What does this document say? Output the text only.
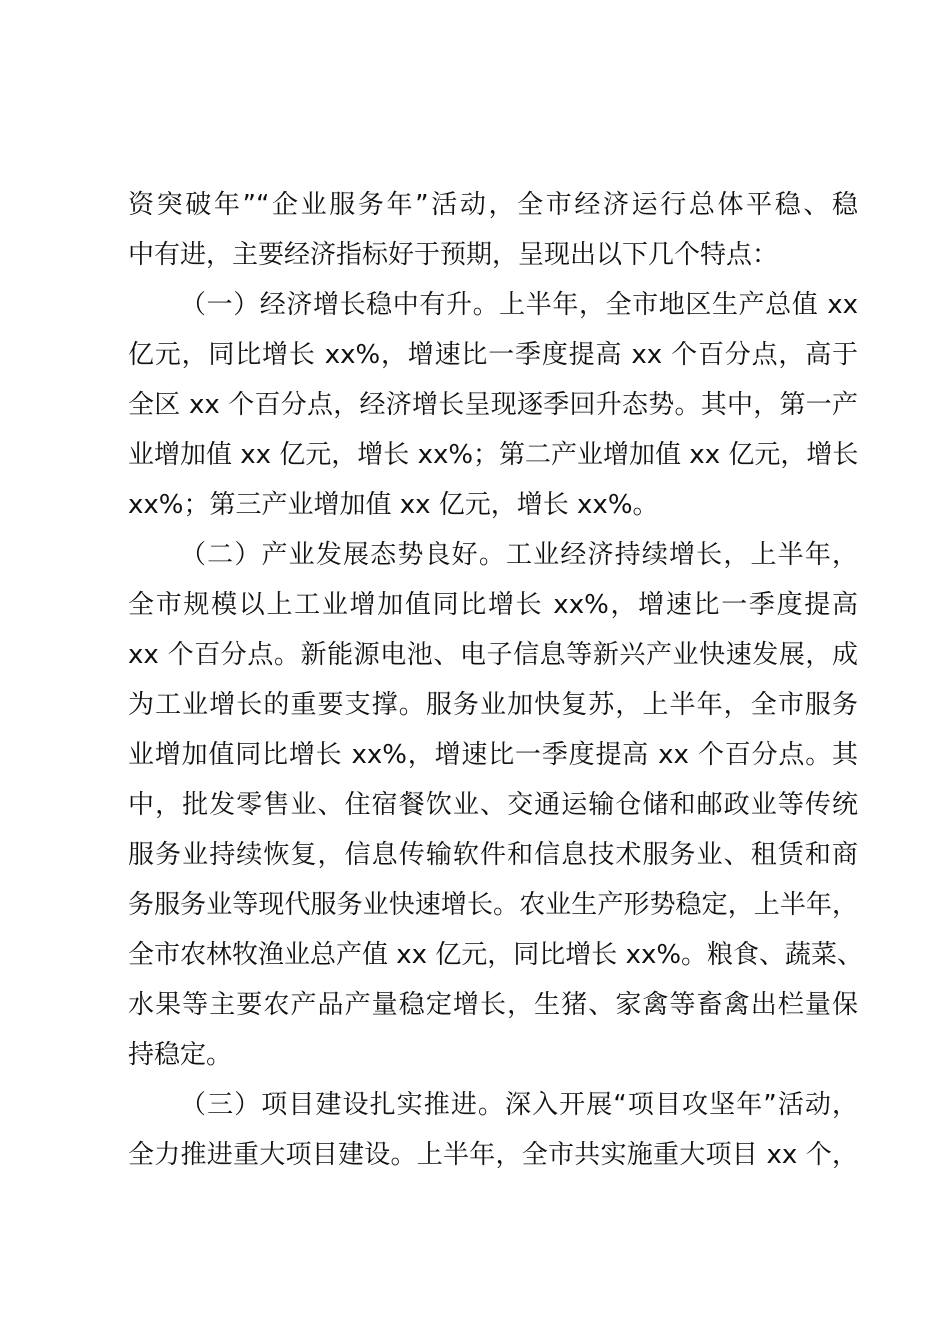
资突破年”“企业服务年”活动，全市经济运行总体平稳、稳
中有进，主要经济指标好于预期，呈现出以下几个特点：
（一）经济增长稳中有升。上半年，全市地区生产总值 xx
亿元，同比增长 xx%，增速比一季度提高 xx 个百分点，高于
全区 xx 个百分点，经济增长呈现逐季回升态势。其中，第一产
业增加值 xx 亿元，增长 xx%；第二产业增加值 xx 亿元，增长
xx%；第三产业增加值 xx 亿元，增长 xx%。
（二）产业发展态势良好。工业经济持续增长，上半年，
全市规模以上工业增加值同比增长 xx%，增速比一季度提高
xx 个百分点。新能源电池、电子信息等新兴产业快速发展，成
为工业增长的重要支撑。服务业加快复苏，上半年，全市服务
业增加值同比增长 xx%，增速比一季度提高 xx 个百分点。其
中，批发零售业、住宿餐饮业、交通运输仓储和邮政业等传统
服务业持续恢复，信息传输软件和信息技术服务业、租赁和商
务服务业等现代服务业快速增长。农业生产形势稳定，上半年，
全市农林牧渔业总产值 xx 亿元，同比增长 xx%。粮食、蔬菜、
水果等主要农产品产量稳定增长，生猪、家禽等畜禽出栏量保
持稳定。
（三）项目建设扎实推进。深入开展“项目攻坚年”活动，
全力推进重大项目建设。上半年，全市共实施重大项目 xx 个，
